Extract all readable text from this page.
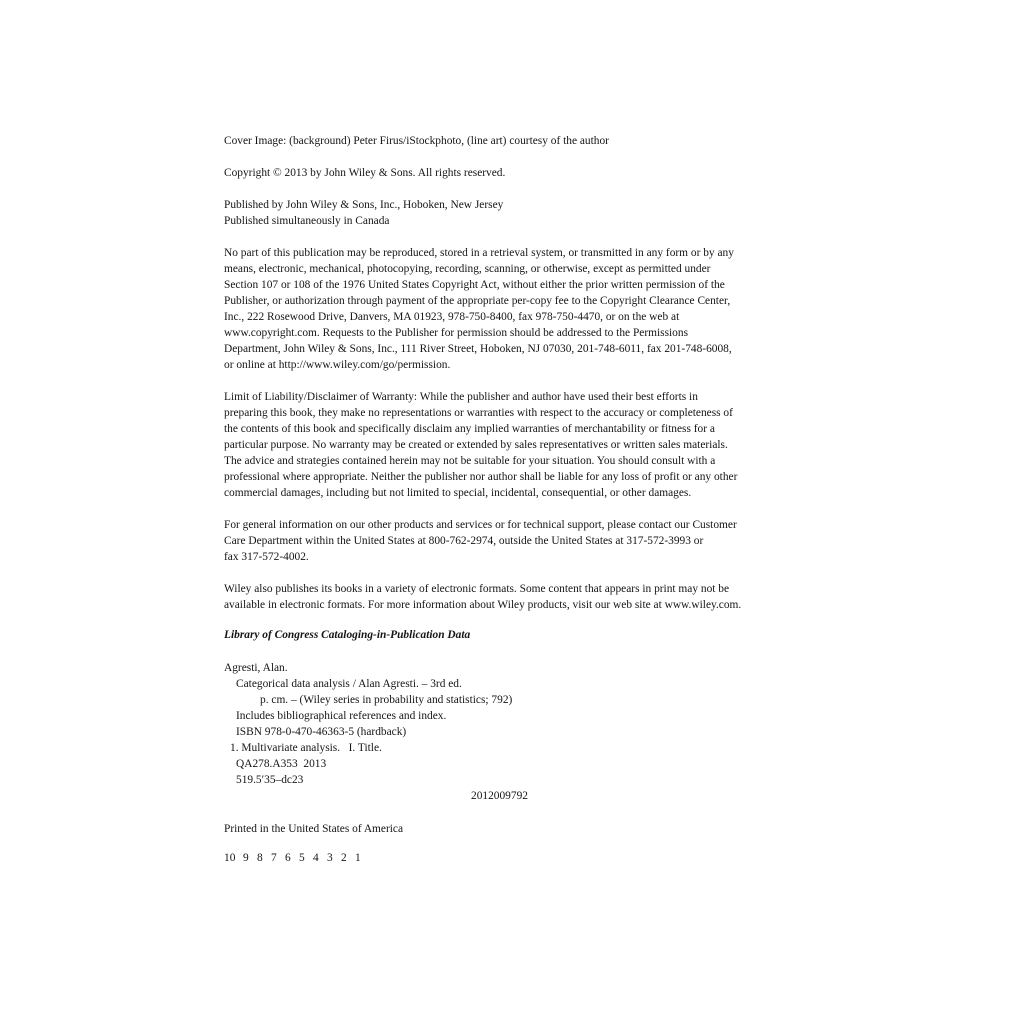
Cover Image: (background) Peter Firus/iStockphoto, (line art) courtesy of the author

Copyright © 2013 by John Wiley & Sons. All rights reserved.

Published by John Wiley & Sons, Inc., Hoboken, New Jersey
Published simultaneously in Canada
No part of this publication may be reproduced, stored in a retrieval system, or transmitted in any form or by any
means, electronic, mechanical, photocopying, recording, scanning, or otherwise, except as permitted under
Section 107 or 108 of the 1976 United States Copyright Act, without either the prior written permission of the
Publisher, or authorization through payment of the appropriate per-copy fee to the Copyright Clearance Center,
Inc., 222 Rosewood Drive, Danvers, MA 01923, 978-750-8400, fax 978-750-4470, or on the web at
www.copyright.com. Requests to the Publisher for permission should be addressed to the Permissions
Department, John Wiley & Sons, Inc., 111 River Street, Hoboken, NJ 07030, 201-748-6011, fax 201-748-6008,
or online at http://www.wiley.com/go/permission.
Limit of Liability/Disclaimer of Warranty: While the publisher and author have used their best efforts in
preparing this book, they make no representations or warranties with respect to the accuracy or completeness of
the contents of this book and specifically disclaim any implied warranties of merchantability or fitness for a
particular purpose. No warranty may be created or extended by sales representatives or written sales materials.
The advice and strategies contained herein may not be suitable for your situation. You should consult with a
professional where appropriate. Neither the publisher nor author shall be liable for any loss of profit or any other
commercial damages, including but not limited to special, incidental, consequential, or other damages.
For general information on our other products and services or for technical support, please contact our Customer
Care Department within the United States at 800-762-2974, outside the United States at 317-572-3993 or
fax 317-572-4002.
Wiley also publishes its books in a variety of electronic formats. Some content that appears in print may not be
available in electronic formats. For more information about Wiley products, visit our web site at www.wiley.com.
Library of Congress Cataloging-in-Publication Data
Agresti, Alan.
Categorical data analysis / Alan Agresti. – 3rd ed.
p. cm. – (Wiley series in probability and statistics; 792)
Includes bibliographical references and index.
ISBN 978-0-470-46363-5 (hardback)
1. Multivariate analysis.   I. Title.
QA278.A353  2013
519.5′35–dc23
2012009792
Printed in the United States of America
10 9 8 7 6 5 4 3 2 1
